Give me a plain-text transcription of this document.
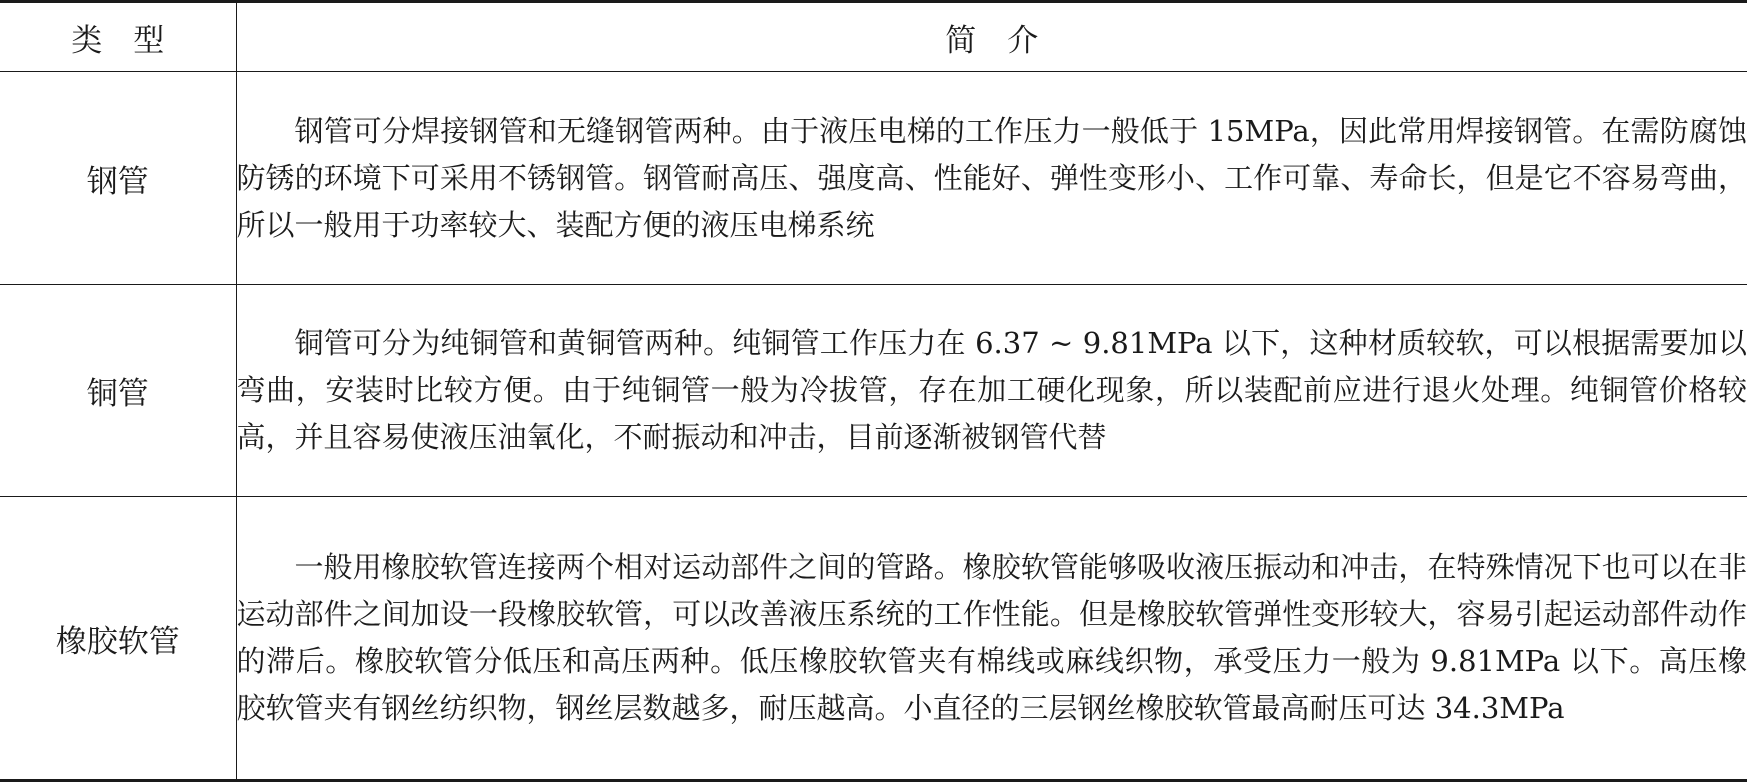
类　型	简　介
钢管	钢管可分焊接钢管和无缝钢管两种。由于液压电梯的工作压力一般低于 15MPa，因此常用焊接钢管。在需防腐蚀防锈的环境下可采用不锈钢管。钢管耐高压、强度高、性能好、弹性变形小、工作可靠、寿命长，但是它不容易弯曲，所以一般用于功率较大、装配方便的液压电梯系统

铜管	铜管可分为纯铜管和黄铜管两种。纯铜管工作压力在 6.37 ~ 9.81MPa 以下，这种材质较软，可以根据需要加以弯曲，安装时比较方便。由于纯铜管一般为冷拔管，存在加工硬化现象，所以装配前应进行退火处理。纯铜管价格较高，并且容易使液压油氧化，不耐振动和冲击，目前逐渐被钢管代替

橡胶软管	一般用橡胶软管连接两个相对运动部件之间的管路。橡胶软管能够吸收液压振动和冲击，在特殊情况下也可以在非运动部件之间加设一段橡胶软管，可以改善液压系统的工作性能。但是橡胶软管弹性变形较大，容易引起运动部件动作的滞后。橡胶软管分低压和高压两种。低压橡胶软管夹有棉线或麻线织物，承受压力一般为 9.81MPa 以下。高压橡胶软管夹有钢丝纺织物，钢丝层数越多，耐压越高。小直径的三层钢丝橡胶软管最高耐压可达 34.3MPa
